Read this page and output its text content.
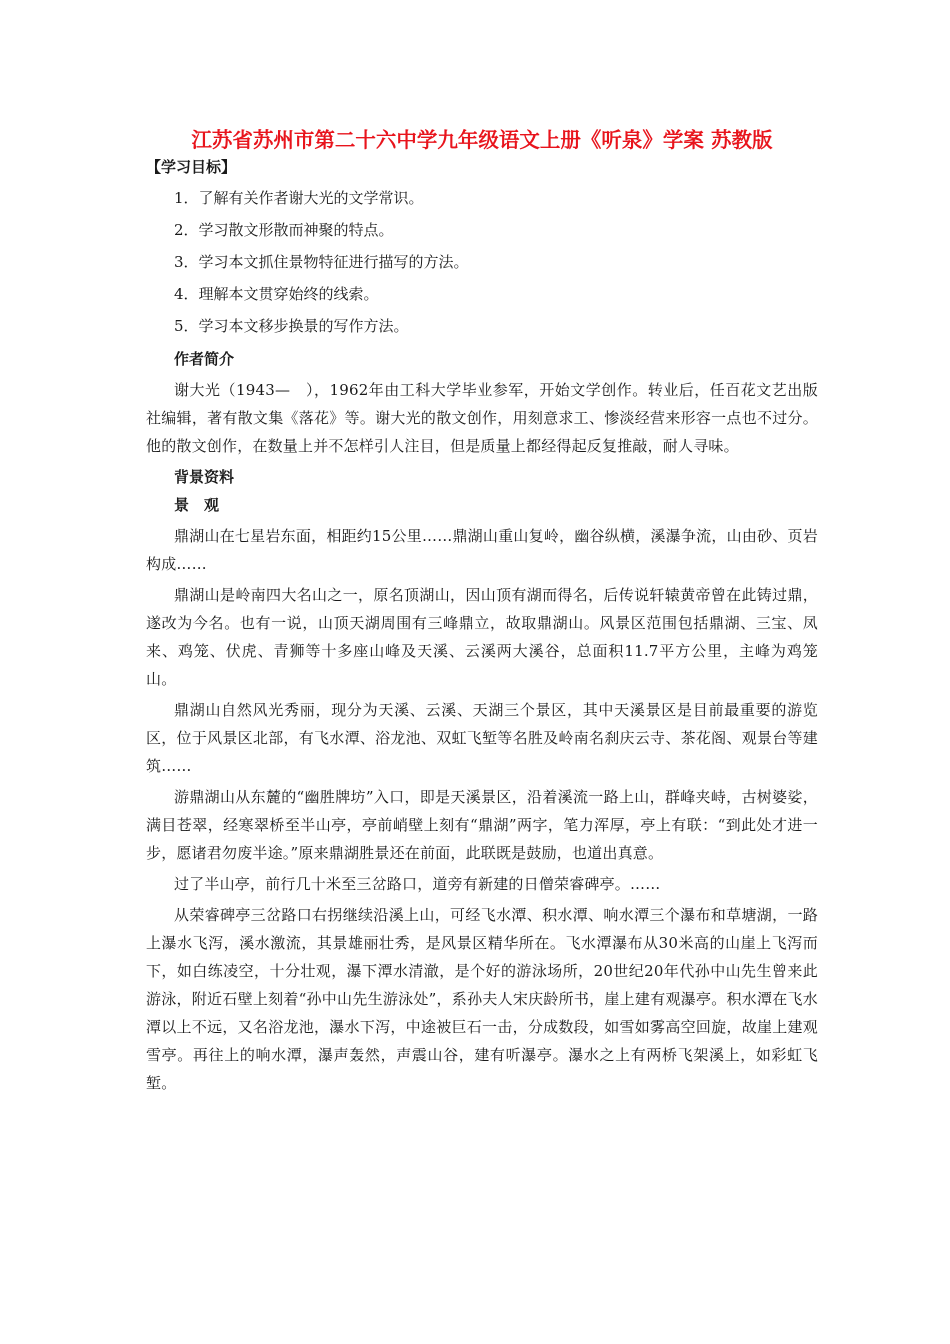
江苏省苏州市第二十六中学九年级语文上册《听泉》学案 苏教版
【学习目标】
1．了解有关作者谢大光的文学常识。
2．学习散文形散而神聚的特点。
3．学习本文抓住景物特征进行描写的方法。
4．理解本文贯穿始终的线索。
5．学习本文移步换景的写作方法。
作者简介

谢大光（1943—　），1962年由工科大学毕业参军，开始文学创作。转业后，任百花文艺出版社编辑，著有散文集《落花》等。谢大光的散文创作，用刻意求工、惨淡经营来形容一点也不过分。他的散文创作，在数量上并不怎样引人注目，但是质量上都经得起反复推敲，耐人寻味。

背景资料
景　观

鼎湖山在七星岩东面，相距约15公里……鼎湖山重山复岭，幽谷纵横，溪瀑争流，山由砂、页岩构成……

鼎湖山是岭南四大名山之一，原名顶湖山，因山顶有湖而得名，后传说轩辕黄帝曾在此铸过鼎，遂改为今名。也有一说，山顶天湖周围有三峰鼎立，故取鼎湖山。风景区范围包括鼎湖、三宝、凤来、鸡笼、伏虎、青狮等十多座山峰及天溪、云溪两大溪谷，总面积11.7平方公里，主峰为鸡笼山。

鼎湖山自然风光秀丽，现分为天溪、云溪、天湖三个景区，其中天溪景区是目前最重要的游览区，位于风景区北部，有飞水潭、浴龙池、双虹飞堑等名胜及岭南名刹庆云寺、茶花阁、观景台等建筑……

游鼎湖山从东麓的“幽胜牌坊”入口，即是天溪景区，沿着溪流一路上山，群峰夹峙，古树婆娑，满目苍翠，经寒翠桥至半山亭，亭前峭壁上刻有“鼎湖”两字，笔力浑厚，亭上有联：“到此处才进一步，愿诸君勿废半途。”原来鼎湖胜景还在前面，此联既是鼓励，也道出真意。

过了半山亭，前行几十米至三岔路口，道旁有新建的日僧荣睿碑亭。……

从荣睿碑亭三岔路口右拐继续沿溪上山，可经飞水潭、积水潭、响水潭三个瀑布和草塘湖，一路上瀑水飞泻，溪水激流，其景雄丽壮秀，是风景区精华所在。飞水潭瀑布从30米高的山崖上飞泻而下，如白练凌空，十分壮观，瀑下潭水清澈，是个好的游泳场所，20世纪20年代孙中山先生曾来此游泳，附近石壁上刻着“孙中山先生游泳处”，系孙夫人宋庆龄所书，崖上建有观瀑亭。积水潭在飞水潭以上不远，又名浴龙池，瀑水下泻，中途被巨石一击，分成数段，如雪如雾高空回旋，故崖上建观雪亭。再往上的响水潭，瀑声轰然，声震山谷，建有听瀑亭。瀑水之上有两桥飞架溪上，如彩虹飞堑。
